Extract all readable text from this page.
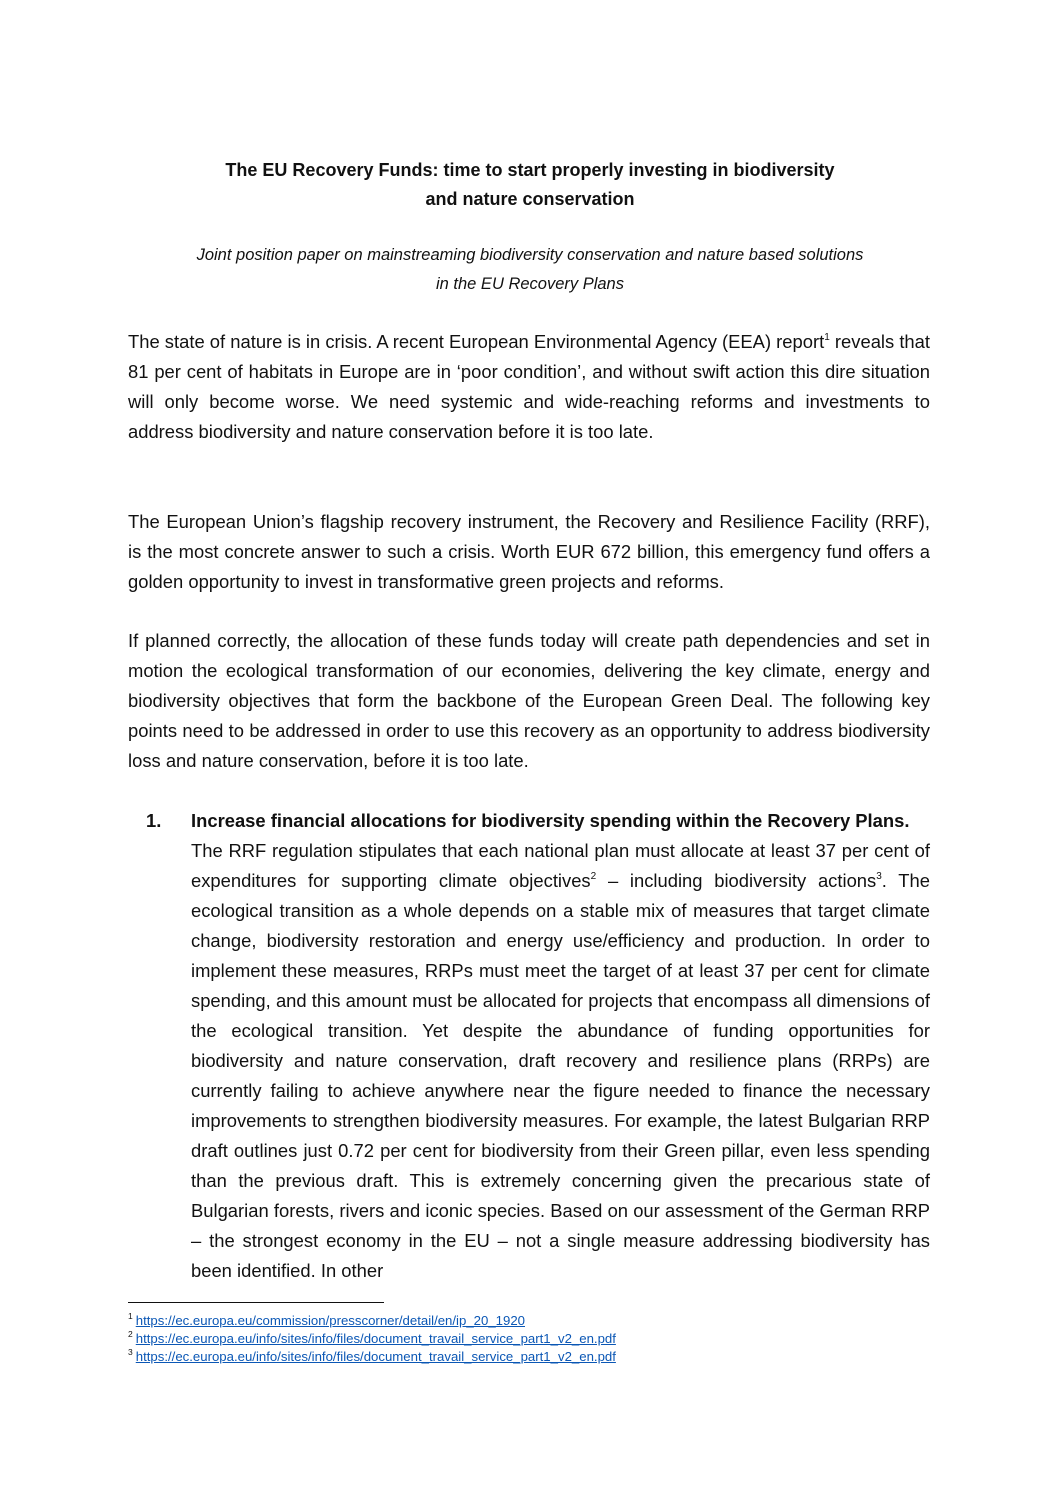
The EU Recovery Funds: time to start properly investing in biodiversity
and nature conservation
Joint position paper on mainstreaming biodiversity conservation and nature based solutions
in the EU Recovery Plans

The state of nature is in crisis. A recent European Environmental Agency (EEA) report$^1$ reveals that 81 per cent of habitats in Europe are in ‘poor condition’, and without swift action this dire situation will only become worse. We need systemic and wide-reaching reforms and investments to address biodiversity and nature conservation before it is too late.

The European Union’s flagship recovery instrument, the Recovery and Resilience Facility (RRF), is the most concrete answer to such a crisis. Worth EUR 672 billion, this emergency fund offers a golden opportunity to invest in transformative green projects and reforms.

If planned correctly, the allocation of these funds today will create path dependencies and set in motion the ecological transformation of our economies, delivering the key climate, energy and biodiversity objectives that form the backbone of the European Green Deal. The following key points need to be addressed in order to use this recovery as an opportunity to address biodiversity loss and nature conservation, before it is too late.

1. Increase financial allocations for biodiversity spending within the Recovery Plans.
The RRF regulation stipulates that each national plan must allocate at least 37 per cent of expenditures for supporting climate objectives$^2$ – including biodiversity actions$^3$. The ecological transition as a whole depends on a stable mix of measures that target climate change, biodiversity restoration and energy use/efficiency and production. In order to implement these measures, RRPs must meet the target of at least 37 per cent for climate spending, and this amount must be allocated for projects that encompass all dimensions of the ecological transition. Yet despite the abundance of funding opportunities for biodiversity and nature conservation, draft recovery and resilience plans (RRPs) are currently failing to achieve anywhere near the figure needed to finance the necessary improvements to strengthen biodiversity measures. For example, the latest Bulgarian RRP draft outlines just 0.72 per cent for biodiversity from their Green pillar, even less spending than the previous draft. This is extremely concerning given the precarious state of Bulgarian forests, rivers and iconic species. Based on our assessment of the German RRP – the strongest economy in the EU – not a single measure addressing biodiversity has been identified. In other

$^1$ https://ec.europa.eu/commission/presscorner/detail/en/ip_20_1920
$^2$ https://ec.europa.eu/info/sites/info/files/document_travail_service_part1_v2_en.pdf
$^3$ https://ec.europa.eu/info/sites/info/files/document_travail_service_part1_v2_en.pdf
